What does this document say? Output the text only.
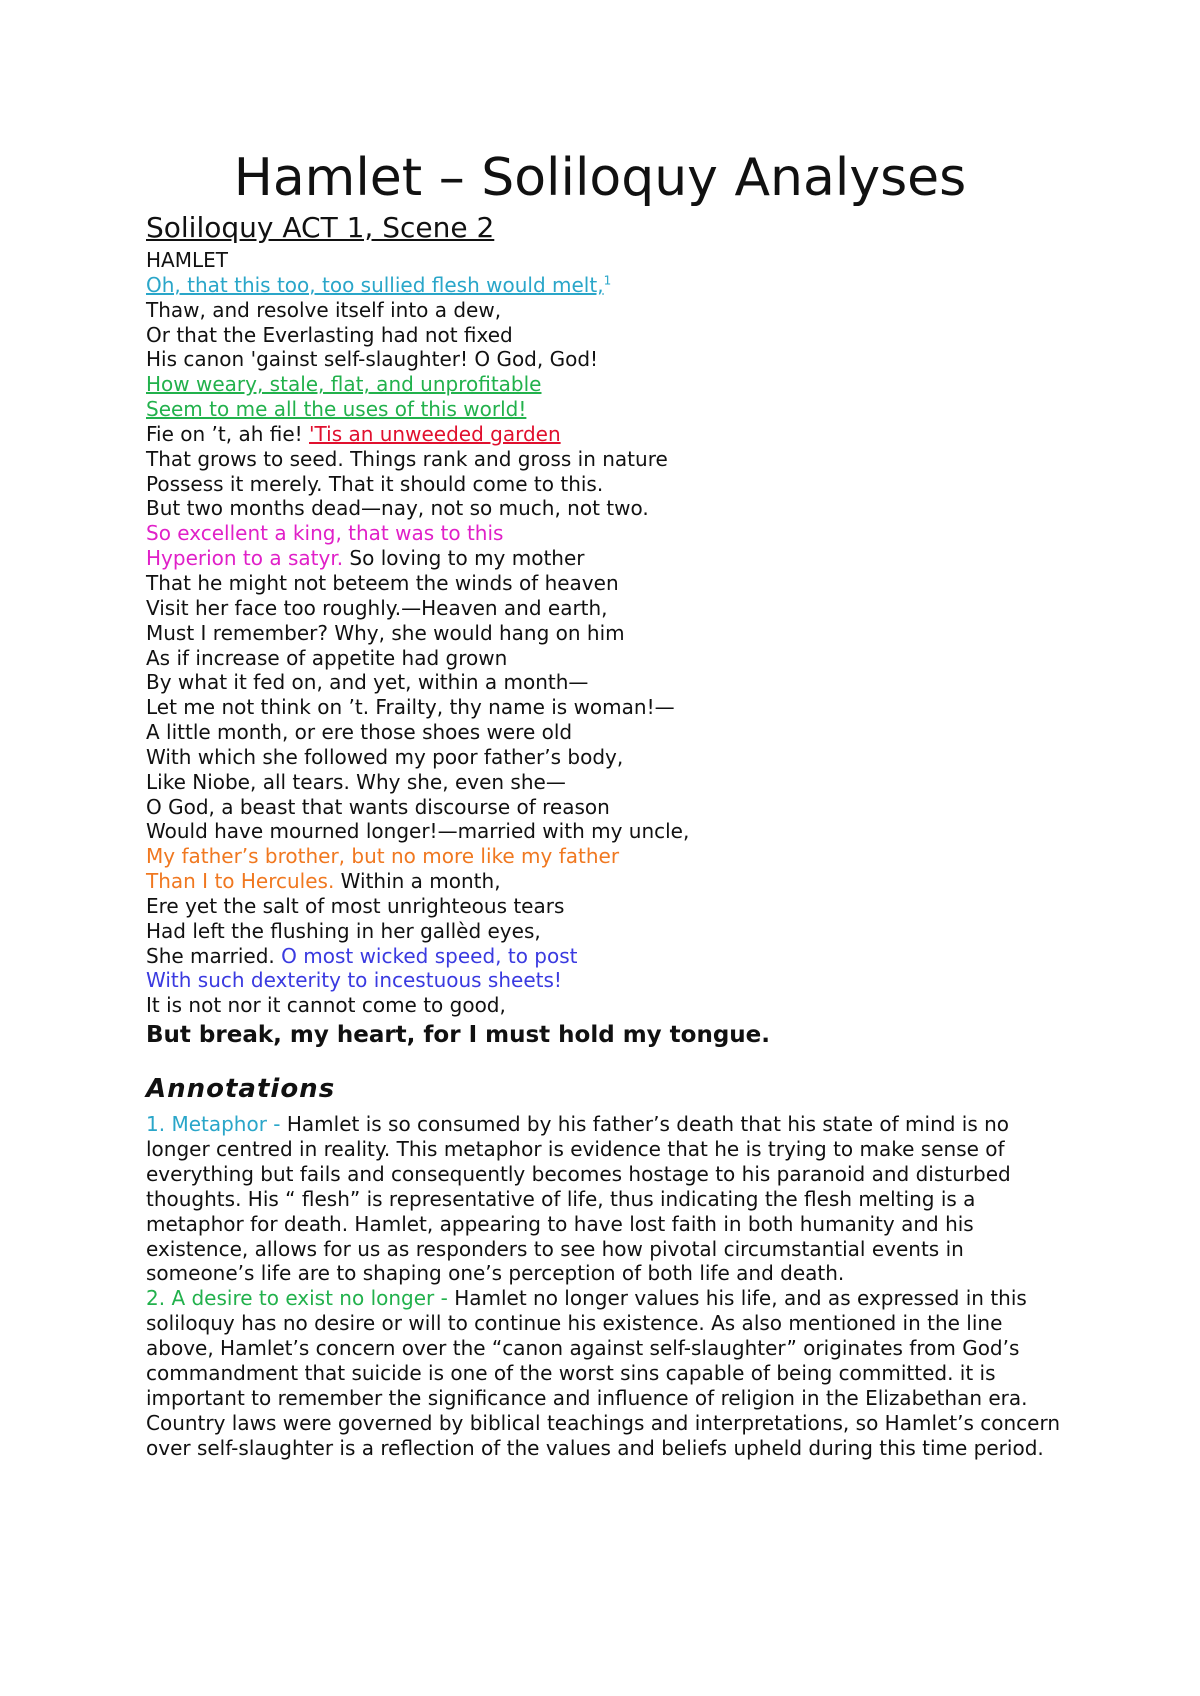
Hamlet – Soliloquy Analyses
Soliloquy ACT 1, Scene 2
HAMLET
Oh, that this too, too sullied flesh would melt,$^1$
Thaw, and resolve itself into a dew,
Or that the Everlasting had not fixed
His canon 'gainst self-slaughter! O God, God!
How weary, stale, flat, and unprofitable
Seem to me all the uses of this world!
Fie on ’t, ah fie! 'Tis an unweeded garden
That grows to seed. Things rank and gross in nature
Possess it merely. That it should come to this.
But two months dead—nay, not so much, not two.
So excellent a king, that was to this
Hyperion to a satyr. So loving to my mother
That he might not beteem the winds of heaven
Visit her face too roughly.—Heaven and earth,
Must I remember? Why, she would hang on him
As if increase of appetite had grown
By what it fed on, and yet, within a month—
Let me not think on ’t. Frailty, thy name is woman!—
A little month, or ere those shoes were old
With which she followed my poor father’s body,
Like Niobe, all tears. Why she, even she—
O God, a beast that wants discourse of reason
Would have mourned longer!—married with my uncle,
My father’s brother, but no more like my father
Than I to Hercules. Within a month,
Ere yet the salt of most unrighteous tears
Had left the flushing in her gallèd eyes,
She married. O most wicked speed, to post
With such dexterity to incestuous sheets!
It is not nor it cannot come to good,
But break, my heart, for I must hold my tongue.
Annotations

1. Metaphor - Hamlet is so consumed by his father’s death that his state of mind is no longer centred in reality. This metaphor is evidence that he is trying to make sense of everything but fails and consequently becomes hostage to his paranoid and disturbed thoughts. His “ flesh” is representative of life, thus indicating the flesh melting is a metaphor for death. Hamlet, appearing to have lost faith in both humanity and his existence, allows for us as responders to see how pivotal circumstantial events in someone’s life are to shaping one’s perception of both life and death.

2. A desire to exist no longer - Hamlet no longer values his life, and as expressed in this soliloquy has no desire or will to continue his existence. As also mentioned in the line above, Hamlet’s concern over the “canon against self-slaughter” originates from God’s commandment that suicide is one of the worst sins capable of being committed. it is important to remember the significance and influence of religion in the Elizabethan era. Country laws were governed by biblical teachings and interpretations, so Hamlet’s concern over self-slaughter is a reflection of the values and beliefs upheld during this time period.
